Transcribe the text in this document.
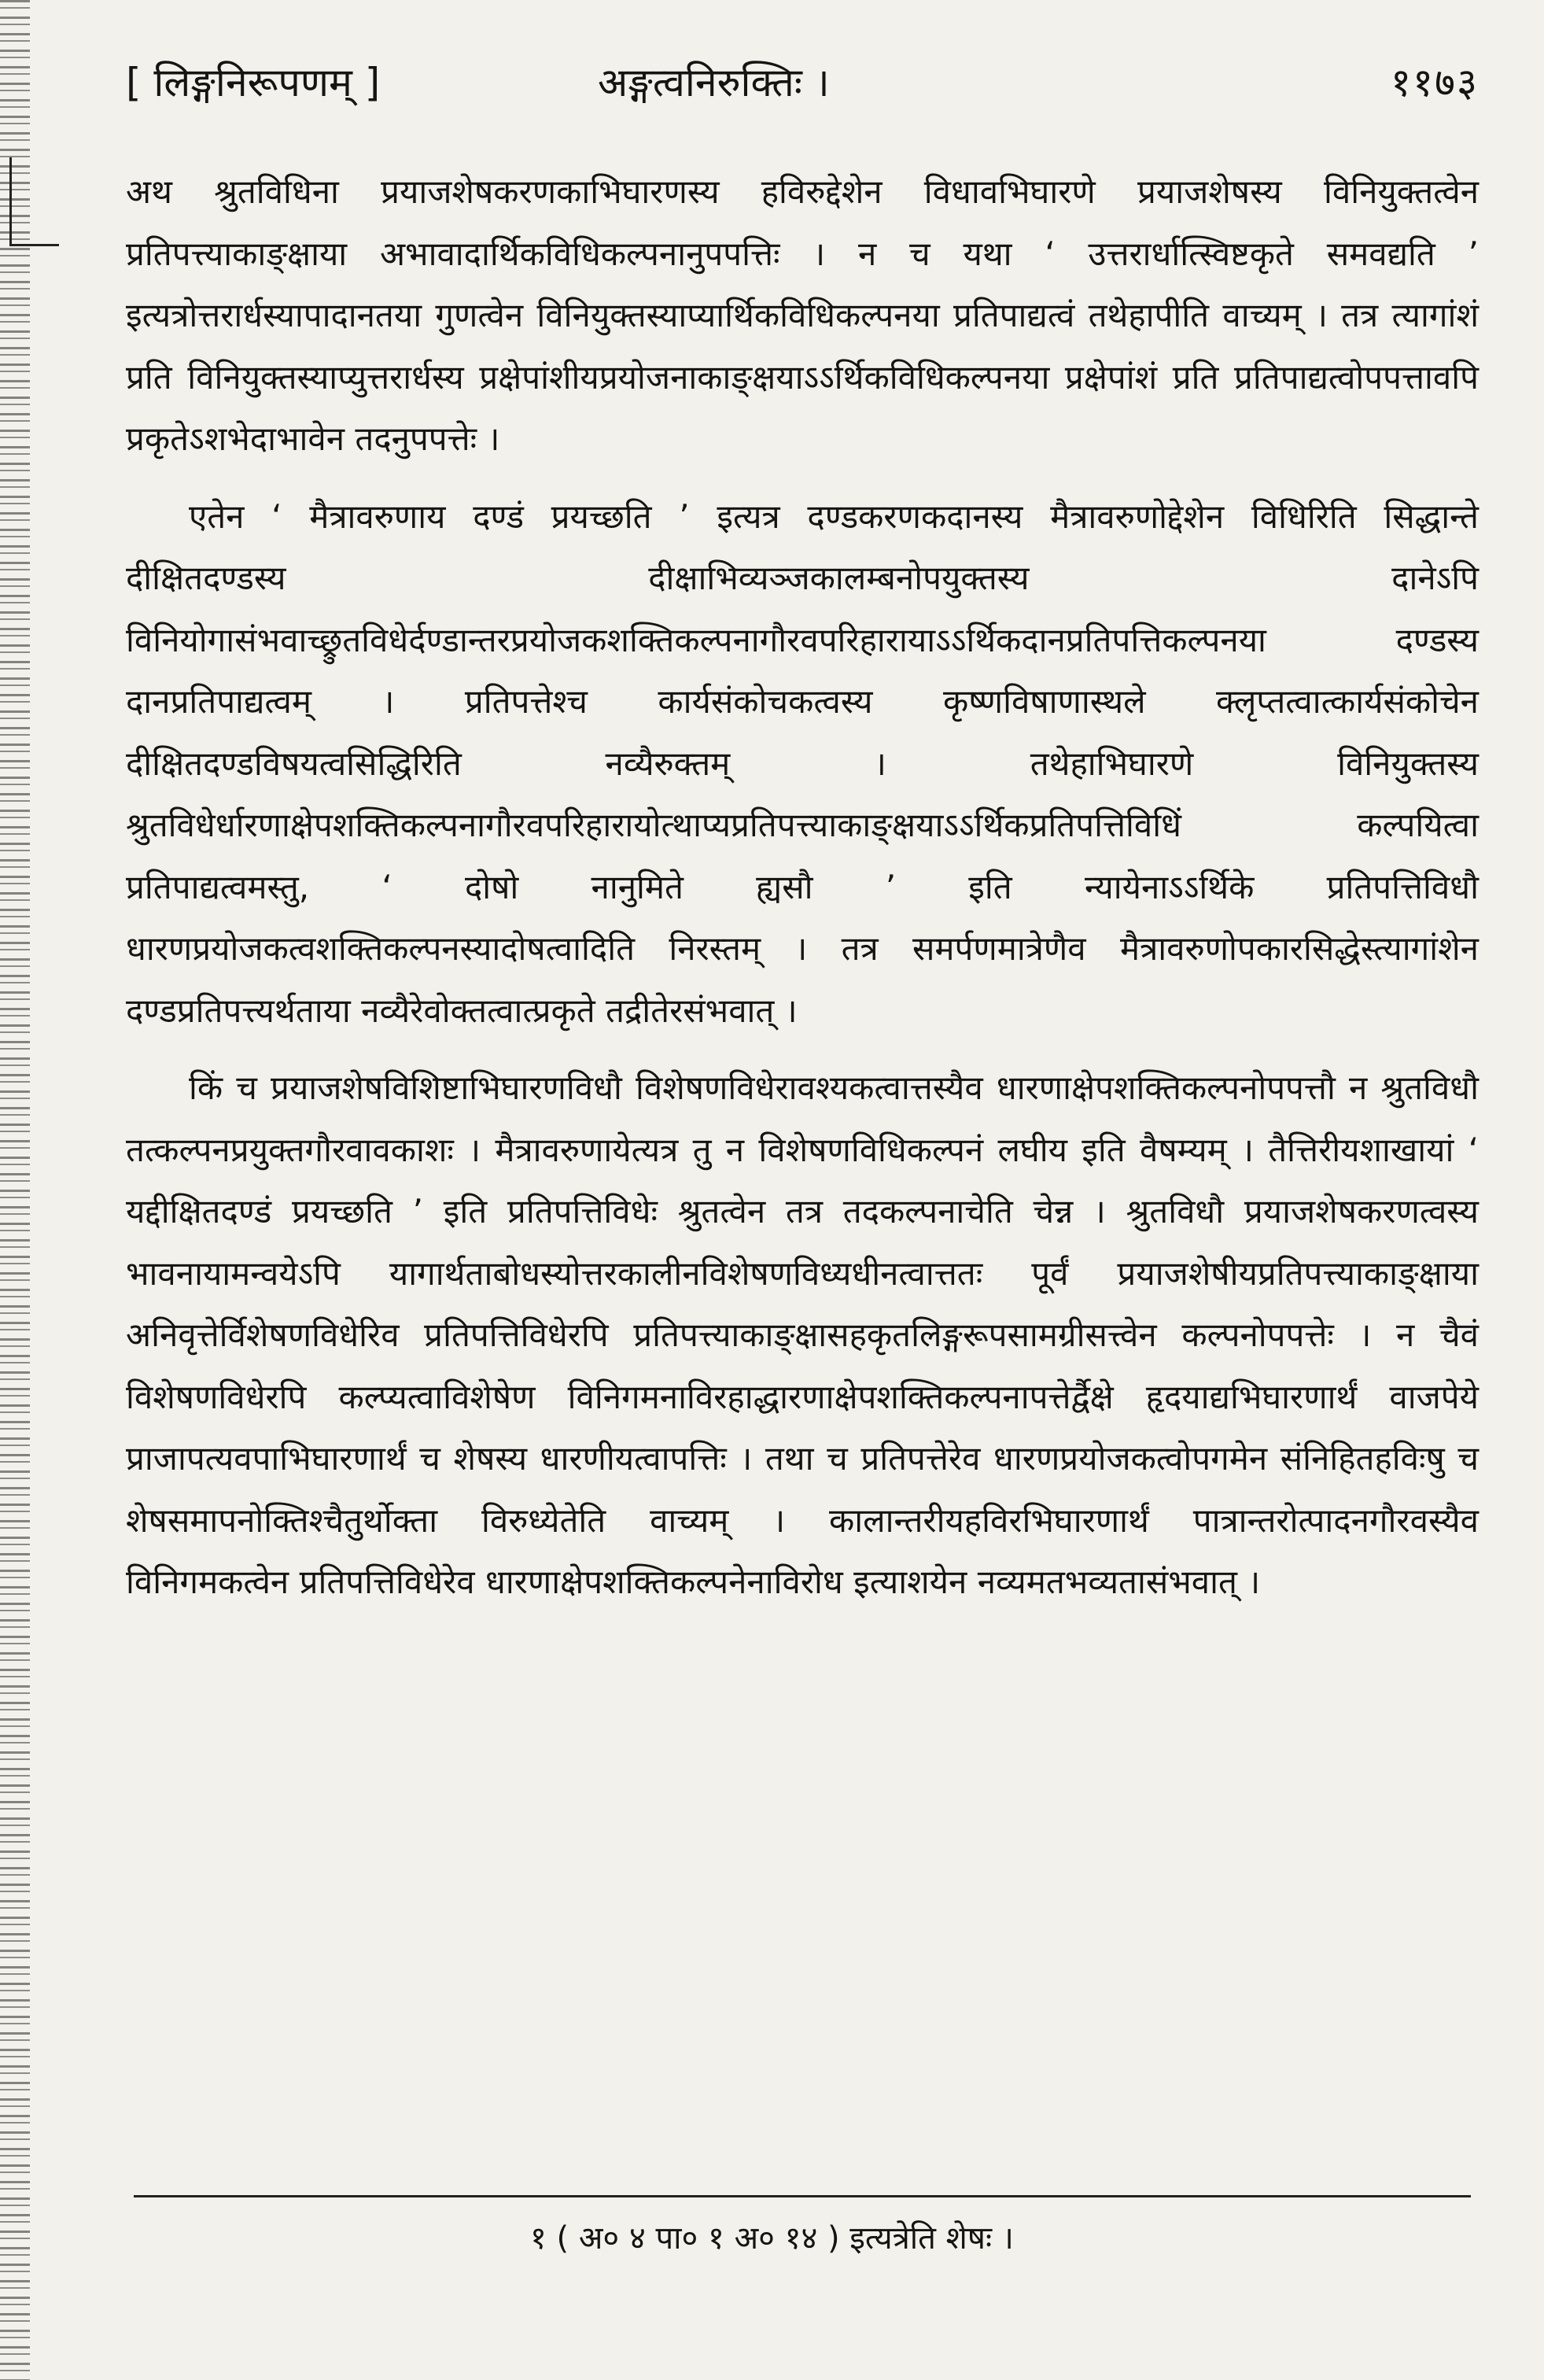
[ लिङ्गनिरूपणम् ]	अङ्गत्वनिरुक्तिः ।	११७३

अथ श्रुतविधिना प्रयाजशेषकरणकाभिघारणस्य हविरुद्देशेन विधावभिघारणे प्रयाजशेषस्य विनियुक्तत्वेन प्रतिपत्त्याकाङ्क्षाया अभावादार्थिकविधिकल्पनानुपपत्तिः । न च यथा ‘ उत्तरार्धात्स्विष्टकृते समवद्यति ’ इत्यत्रोत्तरार्धस्यापादानतया गुणत्वेन विनियुक्तस्याप्यार्थिकविधिकल्पनया प्रतिपाद्यत्वं तथेहापीति वाच्यम् । तत्र त्यागांशं प्रति विनियुक्तस्याप्युत्तरार्धस्य प्रक्षेपांशीयप्रयोजनाकाङ्क्षयाऽऽर्थिकविधिकल्पनया प्रक्षेपांशं प्रति प्रतिपाद्यत्वोपपत्तावपि प्रकृतेऽशभेदाभावेन तदनुपपत्तेः ।

एतेन ‘ मैत्रावरुणाय दण्डं प्रयच्छति ’ इत्यत्र दण्डकरणकदानस्य मैत्रावरुणोद्देशेन विधिरिति सिद्धान्ते दीक्षितदण्डस्य दीक्षाभिव्यञ्जकालम्बनोपयुक्तस्य दानेऽपि विनियोगासंभवाच्छ्रुतविधेर्दण्डान्तरप्रयोजकशक्तिकल्पनागौरवपरिहारायाऽऽर्थिकदानप्रतिपत्तिकल्पनया दण्डस्य दानप्रतिपाद्यत्वम् । प्रतिपत्तेश्च कार्यसंकोचकत्वस्य कृष्णविषाणास्थले क्लृप्तत्वात्कार्यसंकोचेन दीक्षितदण्डविषयत्वसिद्धिरिति नव्यैरुक्तम् । तथेहाभिघारणे विनियुक्तस्य श्रुतविधेर्धारणाक्षेपशक्तिकल्पनागौरवपरिहारायोत्थाप्यप्रतिपत्त्याकाङ्क्षयाऽऽर्थिकप्रतिपत्तिविधिं कल्पयित्वा प्रतिपाद्यत्वमस्तु, ‘ दोषो नानुमिते ह्यसौ ’ इति न्यायेनाऽऽर्थिके प्रतिपत्तिविधौ धारणप्रयोजकत्वशक्तिकल्पनस्यादोषत्वादिति निरस्तम् । तत्र समर्पणमात्रेणैव मैत्रावरुणोपकारसिद्धेस्त्यागांशेन दण्डप्रतिपत्त्यर्थताया नव्यैरेवोक्तत्वात्प्रकृते तद्रीतेरसंभवात् ।

किं च प्रयाजशेषविशिष्टाभिघारणविधौ विशेषणविधेरावश्यकत्वात्तस्यैव धारणाक्षेपशक्तिकल्पनोपपत्तौ न श्रुतविधौ तत्कल्पनप्रयुक्तगौरवावकाशः । मैत्रावरुणायेत्यत्र तु न विशेषणविधिकल्पनं लघीय इति वैषम्यम् । तैत्तिरीयशाखायां ‘ यद्दीक्षितदण्डं प्रयच्छति ’ इति प्रतिपत्तिविधेः श्रुतत्वेन तत्र तदकल्पनाचेति चेन्न । श्रुतविधौ प्रयाजशेषकरणत्वस्य भावनायामन्वयेऽपि यागार्थताबोधस्योत्तरकालीनविशेषणविध्यधीनत्वात्ततः पूर्वं प्रयाजशेषीयप्रतिपत्त्याकाङ्क्षाया अनिवृत्तेर्विशेषणविधेरिव प्रतिपत्तिविधेरपि प्रतिपत्त्याकाङ्क्षासहकृतलिङ्गरूपसामग्रीसत्त्वेन कल्पनोपपत्तेः । न चैवं विशेषणविधेरपि कल्प्यत्वाविशेषेण विनिगमनाविरहाद्धारणाक्षेपशक्तिकल्पनापत्तेर्द्वैक्षे हृदयाद्यभिघारणार्थं वाजपेये प्राजापत्यवपाभिघारणार्थं च शेषस्य धारणीयत्वापत्तिः । तथा च प्रतिपत्तेरेव धारणप्रयोजकत्वोपगमेन संनिहितहविःषु च शेषसमापनोक्तिश्चैतुर्थोक्ता विरुध्येतेति वाच्यम् । कालान्तरीयहविरभिघारणार्थं पात्रान्तरोत्पादनगौरवस्यैव विनिगमकत्वेन प्रतिपत्तिविधेरेव धारणाक्षेपशक्तिकल्पनेनाविरोध इत्याशयेन नव्यमतभव्यतासंभवात् ।

१ ( अ० ४ पा० १ अ० १४ ) इत्यत्रेति शेषः ।
